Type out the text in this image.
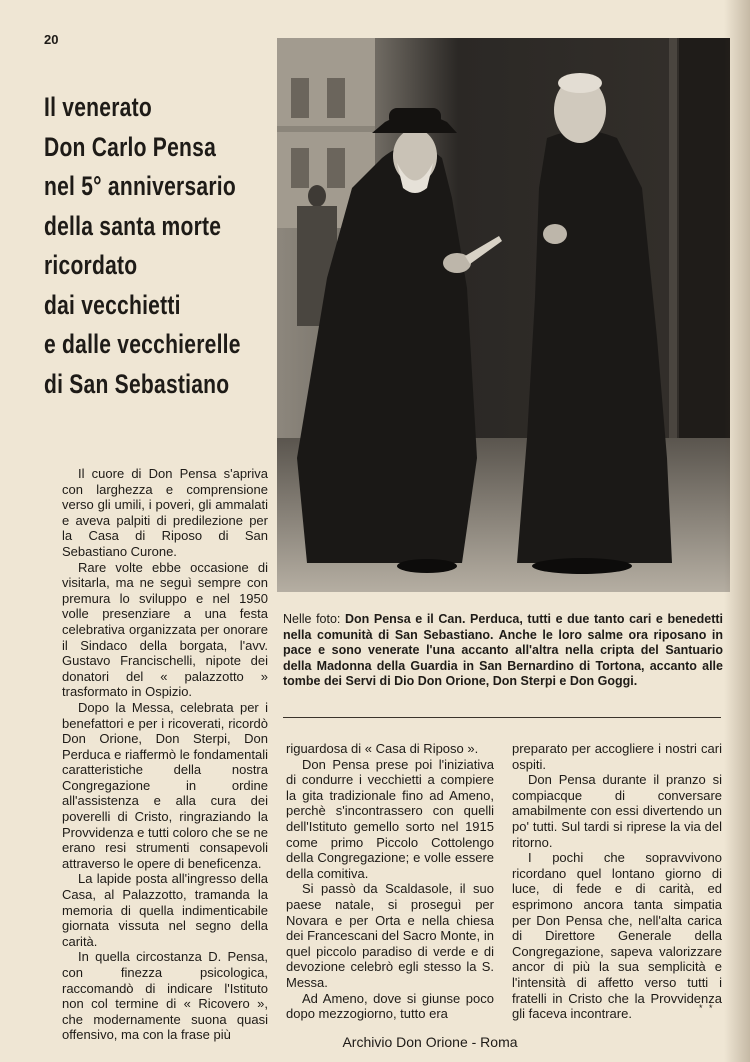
20
Il venerato
Don Carlo Pensa
nel 5° anniversario
della santa morte
ricordato
dai vecchietti
e dalle vecchierelle
di San Sebastiano
Nelle foto: Don Pensa e il Can. Perduca, tutti e due tanto cari e benedetti nella comunità di San Sebastiano. Anche le loro salme ora riposano in pace e sono venerate l'una accanto all'altra nella cripta del Santuario della Madonna della Guardia in San Bernardino di Tortona, accanto alle tombe dei Servi di Dio Don Orione, Don Sterpi e Don Goggi.

Il cuore di Don Pensa s'apriva con larghezza e comprensione verso gli umili, i poveri, gli ammalati e aveva palpiti di predilezione per la Casa di Riposo di San Sebastiano Curone.

Rare volte ebbe occasione di visitarla, ma ne seguì sempre con premura lo sviluppo e nel 1950 volle presenziare a una festa celebrativa organizzata per onorare il Sindaco della borgata, l'avv. Gustavo Francischelli, nipote dei donatori del « palazzotto » trasformato in Ospizio.

Dopo la Messa, celebrata per i benefattori e per i ricoverati, ricordò Don Orione, Don Sterpi, Don Perduca e riaffermò le fondamentali caratteristiche della nostra Congregazione in ordine all'assistenza e alla cura dei poverelli di Cristo, ringraziando la Provvidenza e tutti coloro che se ne erano resi strumenti consapevoli attraverso le opere di beneficenza.

La lapide posta all'ingresso della Casa, al Palazzotto, tramanda la memoria di quella indimenticabile giornata vissuta nel segno della carità.

In quella circostanza D. Pensa, con finezza psicologica, raccomandò di indicare l'Istituto non col termine di « Ricovero », che modernamente suona quasi offensivo, ma con la frase più

riguardosa di « Casa di Riposo ».

Don Pensa prese poi l'iniziativa di condurre i vecchietti a compiere la gita tradizionale fino ad Ameno, perchè s'incontrassero con quelli dell'Istituto gemello sorto nel 1915 come primo Piccolo Cottolengo della Congregazione; e volle essere della comitiva.

Si passò da Scaldasole, il suo paese natale, si proseguì per Novara e per Orta e nella chiesa dei Francescani del Sacro Monte, in quel piccolo paradiso di verde e di devozione celebrò egli stesso la S. Messa.

Ad Ameno, dove si giunse poco dopo mezzogiorno, tutto era

preparato per accogliere i nostri cari ospiti.

Don Pensa durante il pranzo si compiacque di conversare amabilmente con essi divertendo un po' tutti. Sul tardi si riprese la via del ritorno.

I pochi che sopravvivono ricordano quel lontano giorno di luce, di fede e di carità, ed esprimono ancora tanta simpatia per Don Pensa che, nell'alta carica di Direttore Generale della Congregazione, sapeva valorizzare ancor di più la sua semplicità e l'intensità di affetto verso tutti i fratelli in Cristo che la Provvidenza gli faceva incontrare.	* *
Archivio Don Orione - Roma
